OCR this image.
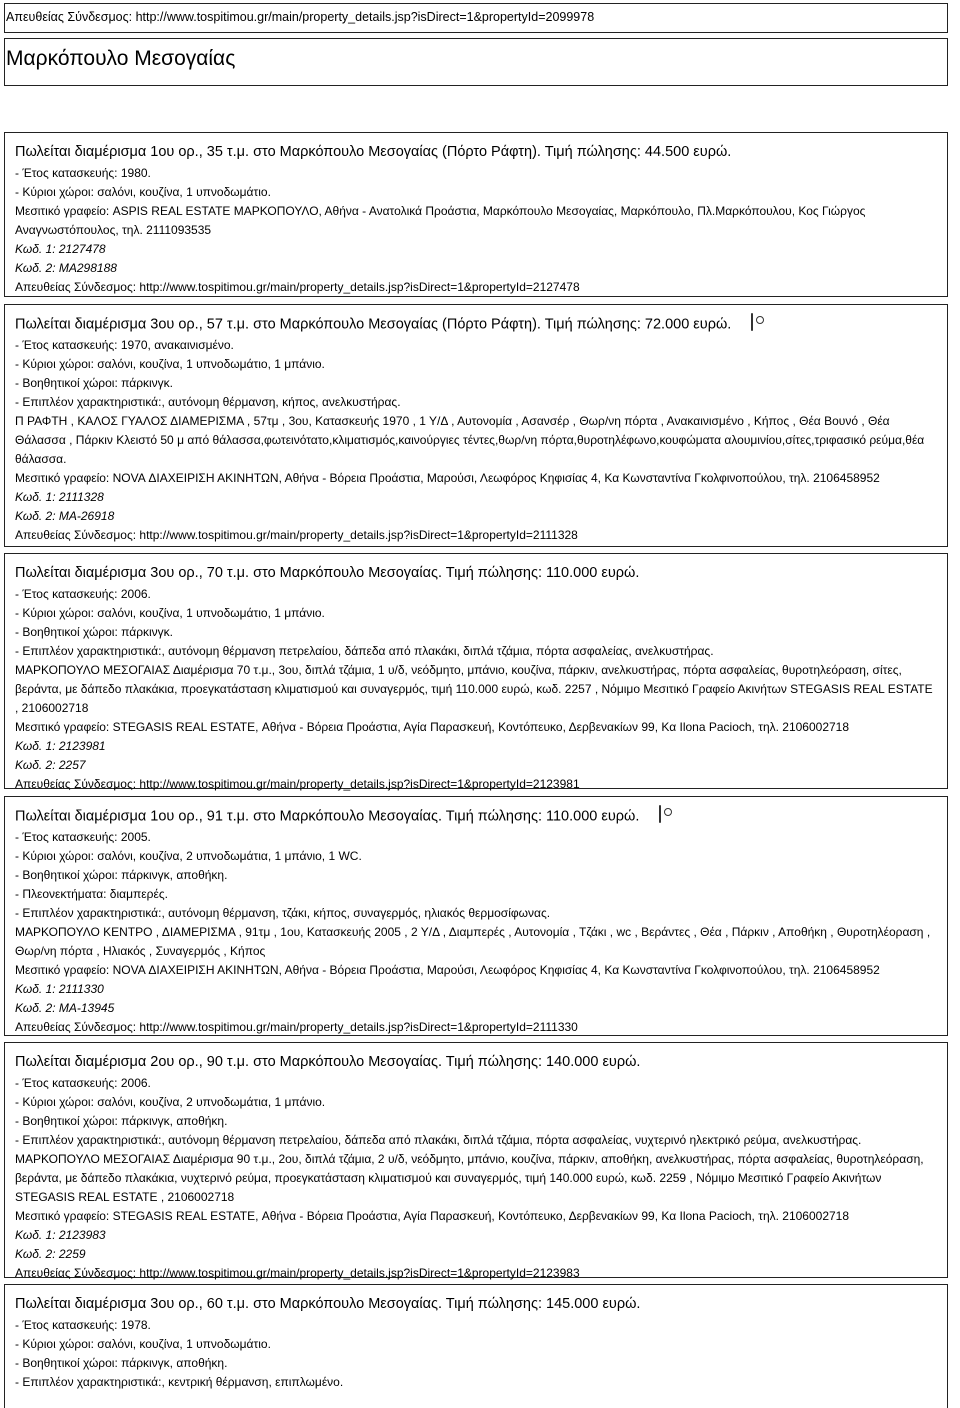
Απευθείας Σύνδεσμος: http://www.tospitimou.gr/main/property_details.jsp?isDirect=1&propertyId=2099978
Μαρκόπουλο Μεσογαίας
Πωλείται διαμέρισμα 1ου ορ., 35 τ.μ. στο Μαρκόπουλο Μεσογαίας (Πόρτο Ράφτη). Τιμή πώλησης: 44.500 ευρώ.
- Έτος κατασκευής: 1980.
- Κύριοι χώροι: σαλόνι, κουζίνα, 1 υπνοδωμάτιο.
Μεσιτικό γραφείο: ASPIS REAL ESTATE ΜΑΡΚΟΠΟΥΛΟ, Αθήνα - Ανατολικά Προάστια, Μαρκόπουλο Μεσογαίας, Μαρκόπουλο, Πλ.Μαρκόπουλου, Κος Γιώργος Αναγνωστόπουλος, τηλ. 2111093535
Κωδ. 1: 2127478
Κωδ. 2: MA298188
Απευθείας Σύνδεσμος: http://www.tospitimou.gr/main/property_details.jsp?isDirect=1&propertyId=2127478
Πωλείται διαμέρισμα 3ου ορ., 57 τ.μ. στο Μαρκόπουλο Μεσογαίας (Πόρτο Ράφτη). Τιμή πώλησης: 72.000 ευρώ.
- Έτος κατασκευής: 1970, ανακαινισμένο.
- Κύριοι χώροι: σαλόνι, κουζίνα, 1 υπνοδωμάτιο, 1 μπάνιο.
- Βοηθητικοί χώροι: πάρκινγκ.
- Επιπλέον χαρακτηριστικά:, αυτόνομη θέρμανση, κήπος, ανελκυστήρας.
Π ΡΑΦΤΗ , ΚΑΛΟΣ ΓΥΑΛΟΣ ΔΙΑΜΕΡΙΣΜΑ , 57τμ , 3ου, Κατασκευής 1970 , 1 Υ/Δ , Αυτονομία , Ασανσέρ , Θωρ/νη πόρτα , Ανακαινισμένο , Κήπος , Θέα Βουνό , Θέα Θάλασσα , Πάρκιν Κλειστό 50 μ από θάλασσα,φωτεινότατο,κλιματισμός,καινούργιες τέντες,θωρ/νη πόρτα,θυροτηλέφωνο,κουφώματα αλουμινίου,σίτες,τριφασικό ρεύμα,θέα θάλασσα.
Μεσιτικό γραφείο: NOVA ΔΙΑΧΕΙΡΙΣΗ ΑΚΙΝΗΤΩΝ, Αθήνα - Βόρεια Προάστια, Μαρούσι, Λεωφόρος Κηφισίας 4, Κα Κωνσταντίνα Γκολφινοπούλου, τηλ. 2106458952
Κωδ. 1: 2111328
Κωδ. 2: MA-26918
Απευθείας Σύνδεσμος: http://www.tospitimou.gr/main/property_details.jsp?isDirect=1&propertyId=2111328
Πωλείται διαμέρισμα 3ου ορ., 70 τ.μ. στο Μαρκόπουλο Μεσογαίας. Τιμή πώλησης: 110.000 ευρώ.
- Έτος κατασκευής: 2006.
- Κύριοι χώροι: σαλόνι, κουζίνα, 1 υπνοδωμάτιο, 1 μπάνιο.
- Βοηθητικοί χώροι: πάρκινγκ.
- Επιπλέον χαρακτηριστικά:, αυτόνομη θέρμανση πετρελαίου, δάπεδα από πλακάκι, διπλά τζάμια, πόρτα ασφαλείας, ανελκυστήρας.
ΜΑΡΚΟΠΟΥΛΟ ΜΕΣΟΓΑΙΑΣ Διαμέρισμα 70 τ.μ., 3ου, διπλά τζάμια, 1 υ/δ, νεόδμητο, μπάνιο, κουζίνα, πάρκιν, ανελκυστήρας, πόρτα ασφαλείας, θυροτηλεόραση, σίτες, βεράντα, με δάπεδο πλακάκια, προεγκατάσταση κλιματισμού και συναγερμός, τιμή 110.000 ευρώ, κωδ. 2257 , Νόμιμο Μεσιτικό Γραφείο Ακινήτων STEGASIS REAL ESTATE , 2106002718
Μεσιτικό γραφείο: STEGASIS REAL ESTATE, Αθήνα - Βόρεια Προάστια, Αγία Παρασκευή, Κοντόπευκο, Δερβενακίων 99, Κα Ilona Pacioch, τηλ. 2106002718
Κωδ. 1: 2123981
Κωδ. 2: 2257
Απευθείας Σύνδεσμος: http://www.tospitimou.gr/main/property_details.jsp?isDirect=1&propertyId=2123981
Πωλείται διαμέρισμα 1ου ορ., 91 τ.μ. στο Μαρκόπουλο Μεσογαίας. Τιμή πώλησης: 110.000 ευρώ.
- Έτος κατασκευής: 2005.
- Κύριοι χώροι: σαλόνι, κουζίνα, 2 υπνοδωμάτια, 1 μπάνιο, 1 WC.
- Βοηθητικοί χώροι: πάρκινγκ, αποθήκη.
- Πλεονεκτήματα: διαμπερές.
- Επιπλέον χαρακτηριστικά:, αυτόνομη θέρμανση, τζάκι, κήπος, συναγερμός, ηλιακός θερμοσίφωνας.
ΜΑΡΚΟΠΟΥΛΟ ΚΕΝΤΡΟ , ΔΙΑΜΕΡΙΣΜΑ , 91τμ , 1ου, Κατασκευής 2005 , 2 Υ/Δ , Διαμπερές , Αυτονομία , Τζάκι , wc , Βεράντες , Θέα , Πάρκιν , Αποθήκη , Θυροτηλέοραση , Θωρ/νη πόρτα , Ηλιακός , Συναγερμός , Κήπος
Μεσιτικό γραφείο: NOVA ΔΙΑΧΕΙΡΙΣΗ ΑΚΙΝΗΤΩΝ, Αθήνα - Βόρεια Προάστια, Μαρούσι, Λεωφόρος Κηφισίας 4, Κα Κωνσταντίνα Γκολφινοπούλου, τηλ. 2106458952
Κωδ. 1: 2111330
Κωδ. 2: MA-13945
Απευθείας Σύνδεσμος: http://www.tospitimou.gr/main/property_details.jsp?isDirect=1&propertyId=2111330
Πωλείται διαμέρισμα 2ου ορ., 90 τ.μ. στο Μαρκόπουλο Μεσογαίας. Τιμή πώλησης: 140.000 ευρώ.
- Έτος κατασκευής: 2006.
- Κύριοι χώροι: σαλόνι, κουζίνα, 2 υπνοδωμάτια, 1 μπάνιο.
- Βοηθητικοί χώροι: πάρκινγκ, αποθήκη.
- Επιπλέον χαρακτηριστικά:, αυτόνομη θέρμανση πετρελαίου, δάπεδα από πλακάκι, διπλά τζάμια, πόρτα ασφαλείας, νυχτερινό ηλεκτρικό ρεύμα, ανελκυστήρας.
ΜΑΡΚΟΠΟΥΛΟ ΜΕΣΟΓΑΙΑΣ Διαμέρισμα 90 τ.μ., 2ου, διπλά τζάμια, 2 υ/δ, νεόδμητο, μπάνιο, κουζίνα, πάρκιν, αποθήκη, ανελκυστήρας, πόρτα ασφαλείας, θυροτηλεόραση, βεράντα, με δάπεδο πλακάκια, νυχτερινό ρεύμα, προεγκατάσταση κλιματισμού και συναγερμός, τιμή 140.000 ευρώ, κωδ. 2259 , Νόμιμο Μεσιτικό Γραφείο Ακινήτων STEGASIS REAL ESTATE , 2106002718
Μεσιτικό γραφείο: STEGASIS REAL ESTATE, Αθήνα - Βόρεια Προάστια, Αγία Παρασκευή, Κοντόπευκο, Δερβενακίων 99, Κα Ilona Pacioch, τηλ. 2106002718
Κωδ. 1: 2123983
Κωδ. 2: 2259
Απευθείας Σύνδεσμος: http://www.tospitimou.gr/main/property_details.jsp?isDirect=1&propertyId=2123983
Πωλείται διαμέρισμα 3ου ορ., 60 τ.μ. στο Μαρκόπουλο Μεσογαίας. Τιμή πώλησης: 145.000 ευρώ.
- Έτος κατασκευής: 1978.
- Κύριοι χώροι: σαλόνι, κουζίνα, 1 υπνοδωμάτιο.
- Βοηθητικοί χώροι: πάρκινγκ, αποθήκη.
- Επιπλέον χαρακτηριστικά:, κεντρική θέρμανση, επιπλωμένο.
